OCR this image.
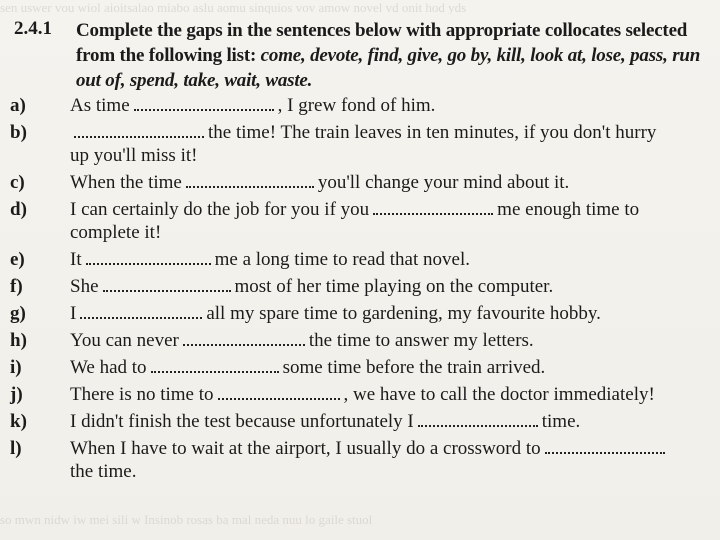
sen uswer vou wiol aioitsalao miabo aslu aomu sinquios vov amow novel vd onit hod yds
2.4.1 Complete the gaps in the sentences below with appropriate collocates selected from the following list: come, devote, find, give, go by, kill, look at, lose, pass, run out of, spend, take, wait, waste.
a)	As time	, I grew fond of him.
b)	the time! The train leaves in ten minutes, if you don't hurry up you'll miss it!
c)	When the time	you'll change your mind about it.
d)	I can certainly do the job for you if you	me enough time to complete it!
e)	It	me a long time to read that novel.
f)	She	most of her time playing on the computer.
g)	I	all my spare time to gardening, my favourite hobby.
h)	You can never	the time to answer my letters.
i)	We had to	some time before the train arrived.
j)	There is no time to	, we have to call the doctor immediately!
k)	I didn't finish the test because unfortunately I	time.
l)	When I have to wait at the airport, I usually do a crossword tothe time.
so mwn nidw iw mei sili w Insinob rosas ba mal neda nuu lo gaile stuol
